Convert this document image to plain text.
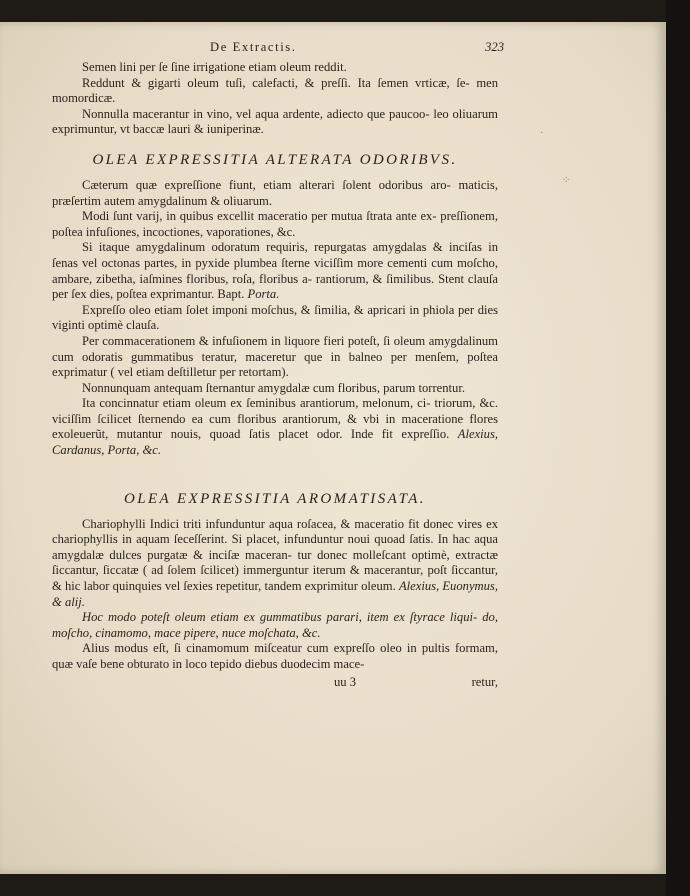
⁘
·
De Extractis.	323

Semen lini per ſe ſine irrigatione etiam oleum reddit.

Reddunt & gigarti oleum tuſi, calefacti, & preſſi. Ita ſemen vrticæ, ſe- men momordicæ.

Nonnulla macerantur in vino, vel aqua ardente, adiecto que paucoo- leo oliuarum exprimuntur, vt baccæ lauri & iuniperinæ.

OLEA EXPRESSITIA ALTERATA ODORIBVS.

Cæterum quæ expreſſione fiunt, etiam alterari ſolent odoribus aro- maticis, præſertim autem amygdalinum & oliuarum.

Modi ſunt varij, in quibus excellit maceratio per mutua ſtrata ante ex- preſſionem, poſtea infuſiones, incoctiones, vaporationes, &c.

Si itaque amygdalinum odoratum requiris, repurgatas amygdalas & inciſas in ſenas vel octonas partes, in pyxide plumbea ſterne viciſſim more cementi cum moſcho, ambare, zibetha, iaſmines floribus, roſa, floribus a- rantiorum, & ſimilibus. Stent clauſa per ſex dies, poſtea exprimantur. Bapt. Porta.

Expreſſo oleo etiam ſolet imponi moſchus, & ſimilia, & apricari in phiola per dies viginti optimè clauſa.

Per commacerationem & infuſionem in liquore fieri poteſt, ſi oleum amygdalinum cum odoratis gummatibus teratur, maceretur que in balneo per menſem, poſtea exprimatur ( vel etiam deſtilletur per retortam).

Nonnunquam antequam ſternantur amygdalæ cum floribus, parum torrentur.

Ita concinnatur etiam oleum ex ſeminibus arantiorum, melonum, ci- triorum, &c. viciſſim ſcilicet ſternendo ea cum floribus arantiorum, & vbi in maceratione flores exoleuerũt, mutantur nouis, quoad ſatis placet odor. Inde fit expreſſio. Alexius, Cardanus, Porta, &c.

OLEA EXPRESSITIA AROMATISATA.

Chariophylli Indici triti infunduntur aqua roſacea, & maceratio fit donec vires ex chariophyllis in aquam ſeceſſerint. Si placet, infunduntur noui quoad ſatis. In hac aqua amygdalæ dulces purgatæ & inciſæ maceran- tur donec molleſcant optimè, extractæ ſiccantur, ſiccatæ ( ad ſolem ſcilicet) immerguntur iterum & macerantur, poſt ſiccantur, & hic labor quinquies vel ſexies repetitur, tandem exprimitur oleum. Alexius, Euonymus, & alij.

Hoc modo poteſt oleum etiam ex gummatibus parari, item ex ſtyrace liqui- do, moſcho, cinamomo, mace pipere, nuce moſchata, &c.

Alius modus eſt, ſi cinamomum miſceatur cum expreſſo oleo in pultis formam, quæ vaſe bene obturato in loco tepido diebus duodecim mace-

uu 3	retur,
